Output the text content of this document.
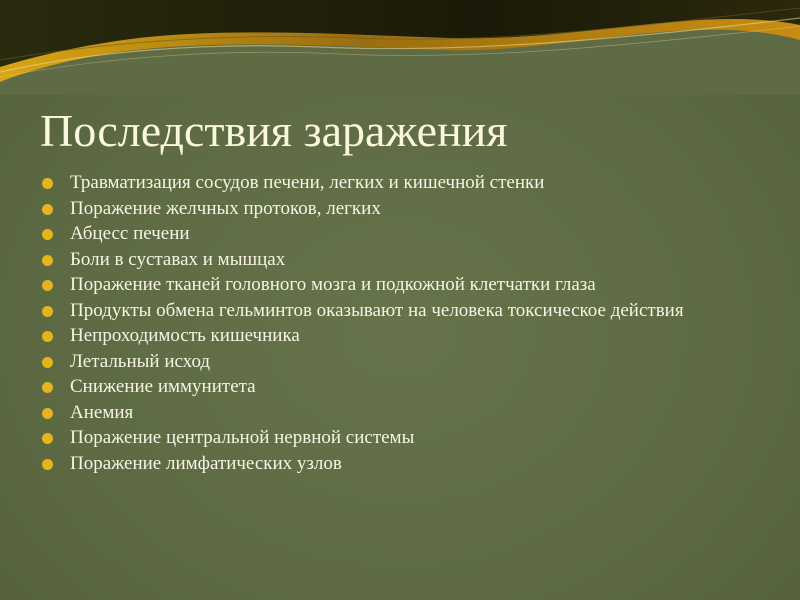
Последствия заражения
Травматизация сосудов печени, легких и кишечной стенки
Поражение желчных протоков, легких
Абцесс печени
Боли в суставах и мышцах
Поражение тканей головного мозга и подкожной клетчатки глаза
Продукты обмена гельминтов оказывают на человека токсическое действия
Непроходимость кишечника
Летальный исход
Снижение иммунитета
Анемия
Поражение центральной нервной системы
Поражение лимфатических узлов
